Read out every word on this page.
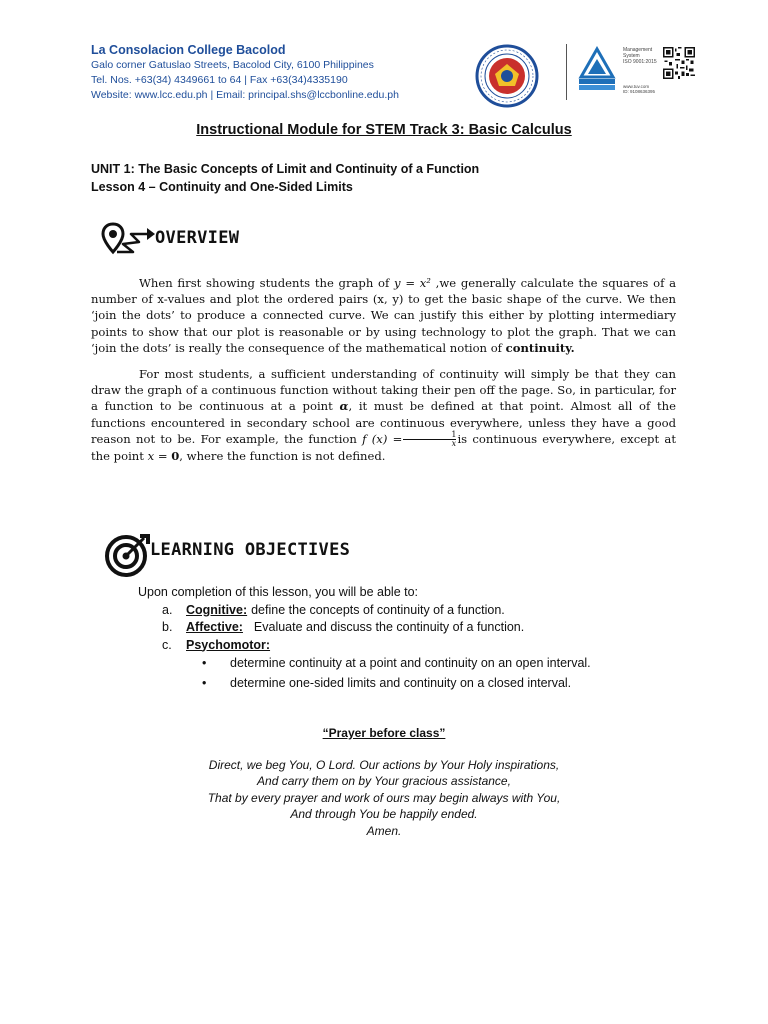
La Consolacion College Bacolod
Galo corner Gatuslao Streets, Bacolod City, 6100 Philippines
Tel. Nos. +63(34) 4349661 to 64 | Fax +63(34)4335190
Website: www.lcc.edu.ph | Email: principal.shs@lccbonline.edu.ph
Management
System
ISO 9001:2015
www.tuv.com
ID: 9108636395
Instructional Module for STEM Track 3: Basic Calculus
UNIT 1: The Basic Concepts of Limit and Continuity of a Function
Lesson 4 – Continuity and One-Sided Limits
OVERVIEW

When first showing students the graph of y = x² ,we generally calculate the squares of a number of x-values and plot the ordered pairs (x, y) to get the basic shape of the curve. We then ‘join the dots’ to produce a connected curve. We can justify this either by plotting intermediary points to show that our plot is reasonable or by using technology to plot the graph. That we can ‘join the dots’ is really the consequence of the mathematical notion of continuity.

For most students, a sufficient understanding of continuity will simply be that they can draw the graph of a continuous function without taking their pen off the page. So, in particular, for a function to be continuous at a point α, it must be defined at that point. Almost all of the functions encountered in secondary school are continuous everywhere, unless they have a good reason not to be. For example, the function f $(x) = \frac{1}{x}$ is continuous everywhere, except at the point x = 0, where the function is not defined.

LEARNING OBJECTIVES
Upon completion of this lesson, you will be able to:
a.	Cognitive: define the concepts of continuity of a function.
b.	Affective: Evaluate and discuss the continuity of a function.
c.	Psychomotor:
•	determine continuity at a point and continuity on an open interval.
•	determine one-sided limits and continuity on a closed interval.
“Prayer before class”
Direct, we beg You, O Lord. Our actions by Your Holy inspirations,
And carry them on by Your gracious assistance,
That by every prayer and work of ours may begin always with You,
And through You be happily ended.
Amen.
